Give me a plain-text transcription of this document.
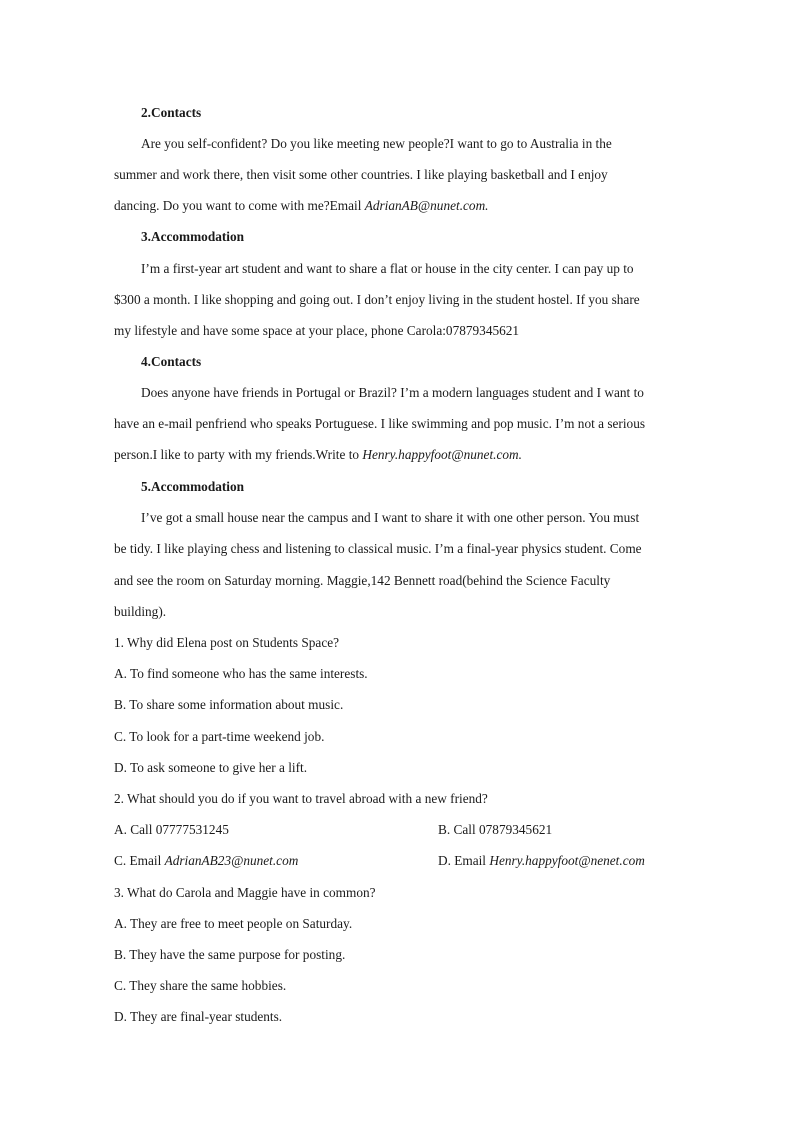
2.Contacts
Are you self-confident? Do you like meeting new people?I want to go to Australia in the
summer and work there, then visit some other countries. I like playing basketball and I enjoy
dancing. Do you want to come with me?Email AdrianAB@nunet.com.
3.Accommodation
I’m a first-year art student and want to share a flat or house in the city center. I can pay up to
$300 a month. I like shopping and going out. I don’t enjoy living in the student hostel. If you share
my lifestyle and have some space at your place, phone Carola:07879345621
4.Contacts
Does anyone have friends in Portugal or Brazil? I’m a modern languages student and I want to
have an e-mail penfriend who speaks Portuguese. I like swimming and pop music. I’m not a serious
person.I like to party with my friends.Write to Henry.happyfoot@nunet.com.
5.Accommodation
I’ve got a small house near the campus and I want to share it with one other person. You must
be tidy. I like playing chess and listening to classical music. I’m a final-year physics student. Come
and see the room on Saturday morning. Maggie,142 Bennett road(behind the Science Faculty
building).
1. Why did Elena post on Students Space?
A. To find someone who has the same interests.
B. To share some information about music.
C. To look for a part-time weekend job.
D. To ask someone to give her a lift.
2. What should you do if you want to travel abroad with a new friend?
A. Call 07777531245	B. Call 07879345621
C. Email AdrianAB23@nunet.com	D. Email Henry.happyfoot@nenet.com
3. What do Carola and Maggie have in common?
A. They are free to meet people on Saturday.
B. They have the same purpose for posting.
C. They share the same hobbies.
D. They are final-year students.
